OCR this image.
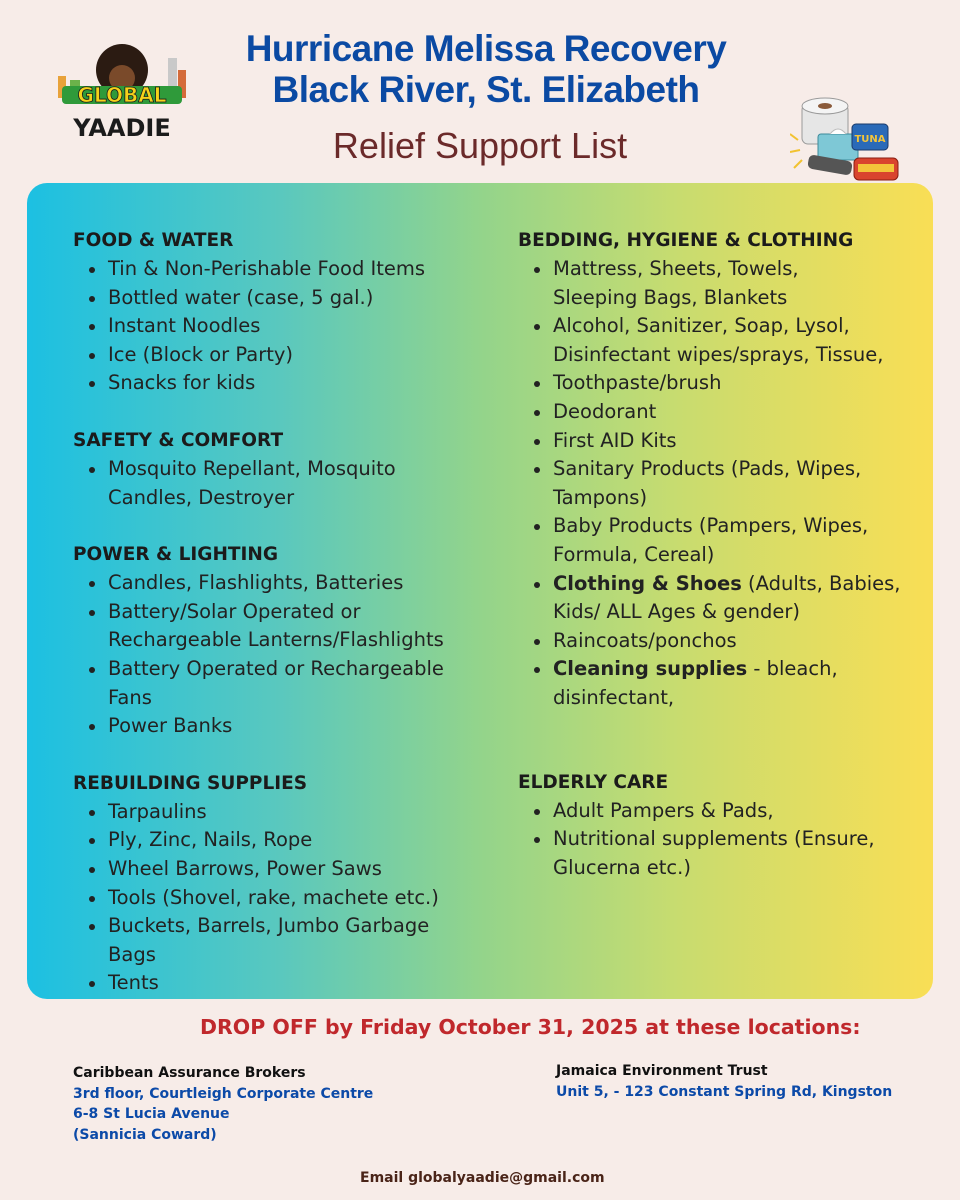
GLOBAL
YAADIE
Hurricane Melissa Recovery
Black River, St. Elizabeth
Relief Support List	TUNA
FOOD & WATER
Tin & Non-Perishable Food Items
Bottled water (case, 5 gal.)
Instant Noodles
Ice (Block or Party)
Snacks for kids
SAFETY & COMFORT
Mosquito Repellant, Mosquito Candles, Destroyer
POWER & LIGHTING
Candles, Flashlights, Batteries
Battery/Solar Operated or Rechargeable Lanterns/Flashlights
Battery Operated or Rechargeable Fans
Power Banks
REBUILDING SUPPLIES
Tarpaulins
Ply, Zinc, Nails, Rope
Wheel Barrows, Power Saws
Tools (Shovel, rake, machete etc.)
Buckets, Barrels, Jumbo Garbage Bags
Tents
BEDDING, HYGIENE & CLOTHING
Mattress, Sheets, Towels, Sleeping Bags, Blankets
Alcohol, Sanitizer, Soap, Lysol, Disinfectant wipes/sprays, Tissue,
Toothpaste/brush
Deodorant
First AID Kits
Sanitary Products (Pads, Wipes, Tampons)
Baby Products (Pampers, Wipes, Formula, Cereal)
Clothing & Shoes (Adults, Babies, Kids/ ALL Ages & gender)
Raincoats/ponchos
Cleaning supplies - bleach, disinfectant,
ELDERLY CARE
Adult Pampers & Pads,
Nutritional supplements (Ensure, Glucerna etc.)
DROP OFF by Friday October 31, 2025 at these locations:
Caribbean Assurance Brokers
3rd floor, Courtleigh Corporate Centre
6-8 St Lucia Avenue
(Sannicia Coward)
Jamaica Environment Trust
Unit 5, - 123 Constant Spring Rd, Kingston
Email globalyaadie@gmail.com
